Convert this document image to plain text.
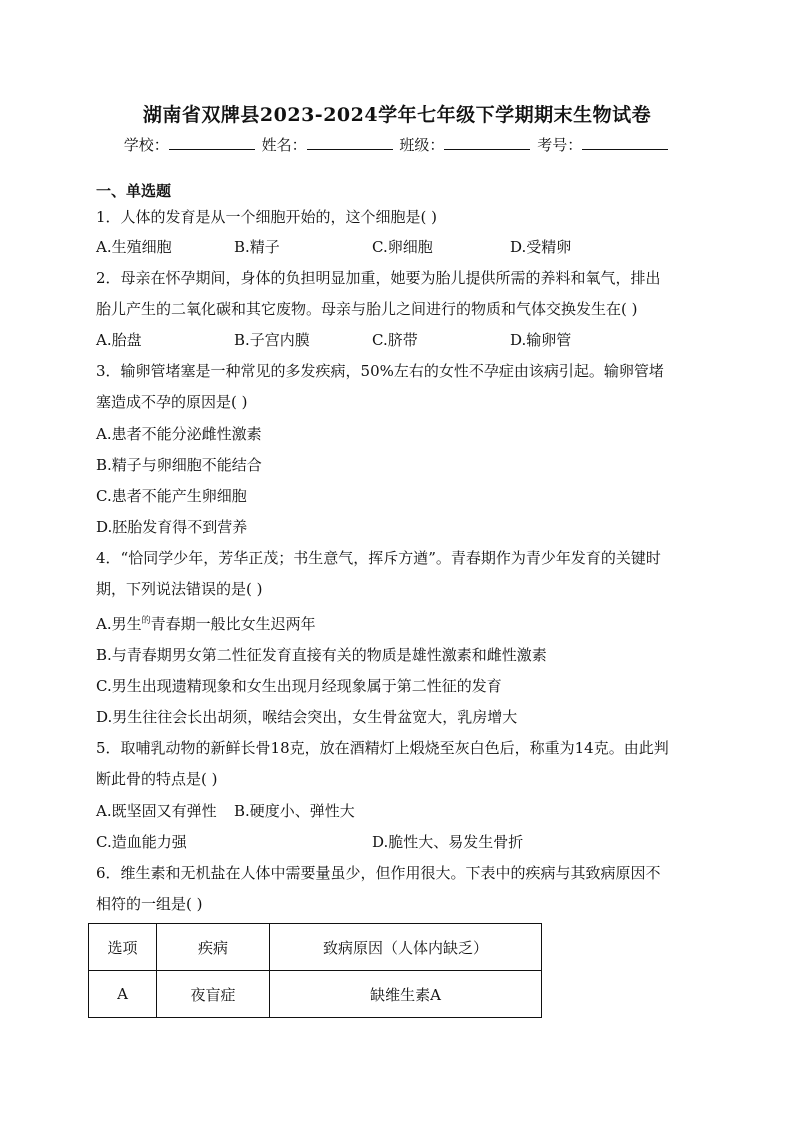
湖南省双牌县2023-2024学年七年级下学期期末生物试卷
学校：	姓名：	班级：	考号：
一、单选题
1．人体的发育是从一个细胞开始的，这个细胞是( )
A.生殖细胞	B.精子	C.卵细胞	D.受精卵
2．母亲在怀孕期间，身体的负担明显加重，她要为胎儿提供所需的养料和氧气，排出
胎儿产生的二氧化碳和其它废物。母亲与胎儿之间进行的物质和气体交换发生在( )
A.胎盘	B.子宫内膜	C.脐带	D.输卵管
3．输卵管堵塞是一种常见的多发疾病，50%左右的女性不孕症由该病引起。输卵管堵
塞造成不孕的原因是( )
A.患者不能分泌雌性激素
B.精子与卵细胞不能结合
C.患者不能产生卵细胞
D.胚胎发育得不到营养
4．“恰同学少年，芳华正茂；书生意气，挥斥方遒”。青春期作为青少年发育的关键时
期，下列说法错误的是( )
A.男生$^的$青春期一般比女生迟两年
B.与青春期男女第二性征发育直接有关的物质是雄性激素和雌性激素
C.男生出现遗精现象和女生出现月经现象属于第二性征的发育
D.男生往往会长出胡须，喉结会突出，女生骨盆宽大，乳房增大
5．取哺乳动物的新鲜长骨18克，放在酒精灯上煅烧至灰白色后，称重为14克。由此判
断此骨的特点是( )
A.既坚固又有弹性 B.硬度小、弹性大
C.造血能力强	D.脆性大、易发生骨折
6．维生素和无机盐在人体中需要量虽少，但作用很大。下表中的疾病与其致病原因不
相符的一组是( )
选项	疾病	致病原因（人体内缺乏）
A	夜盲症	缺维生素A
